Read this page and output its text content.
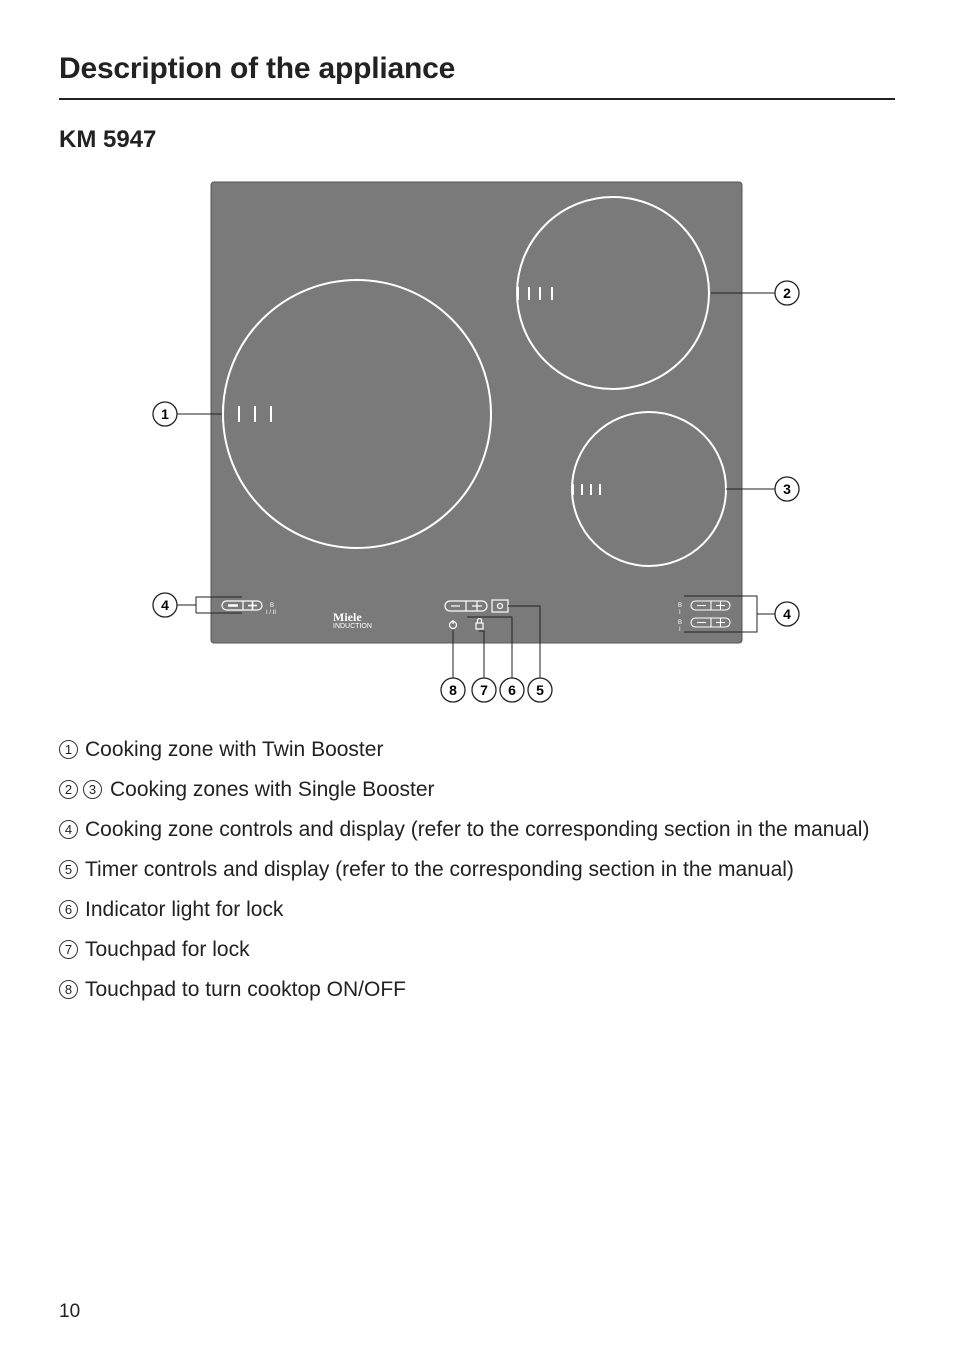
Description of the appliance
KM 5947
B
I / II	Miele
INDUCTION
B
I
B
I
1
2
3
4
4
8 7 6 5
1 Cooking zone with Twin Booster
2	3 Cooking zones with Single Booster
4 Cooking zone controls and display (refer to the corresponding section in the manual)
5 Timer controls and display (refer to the corresponding section in the manual)
6 Indicator light for lock
7 Touchpad for lock
8 Touchpad to turn cooktop ON/OFF
10
